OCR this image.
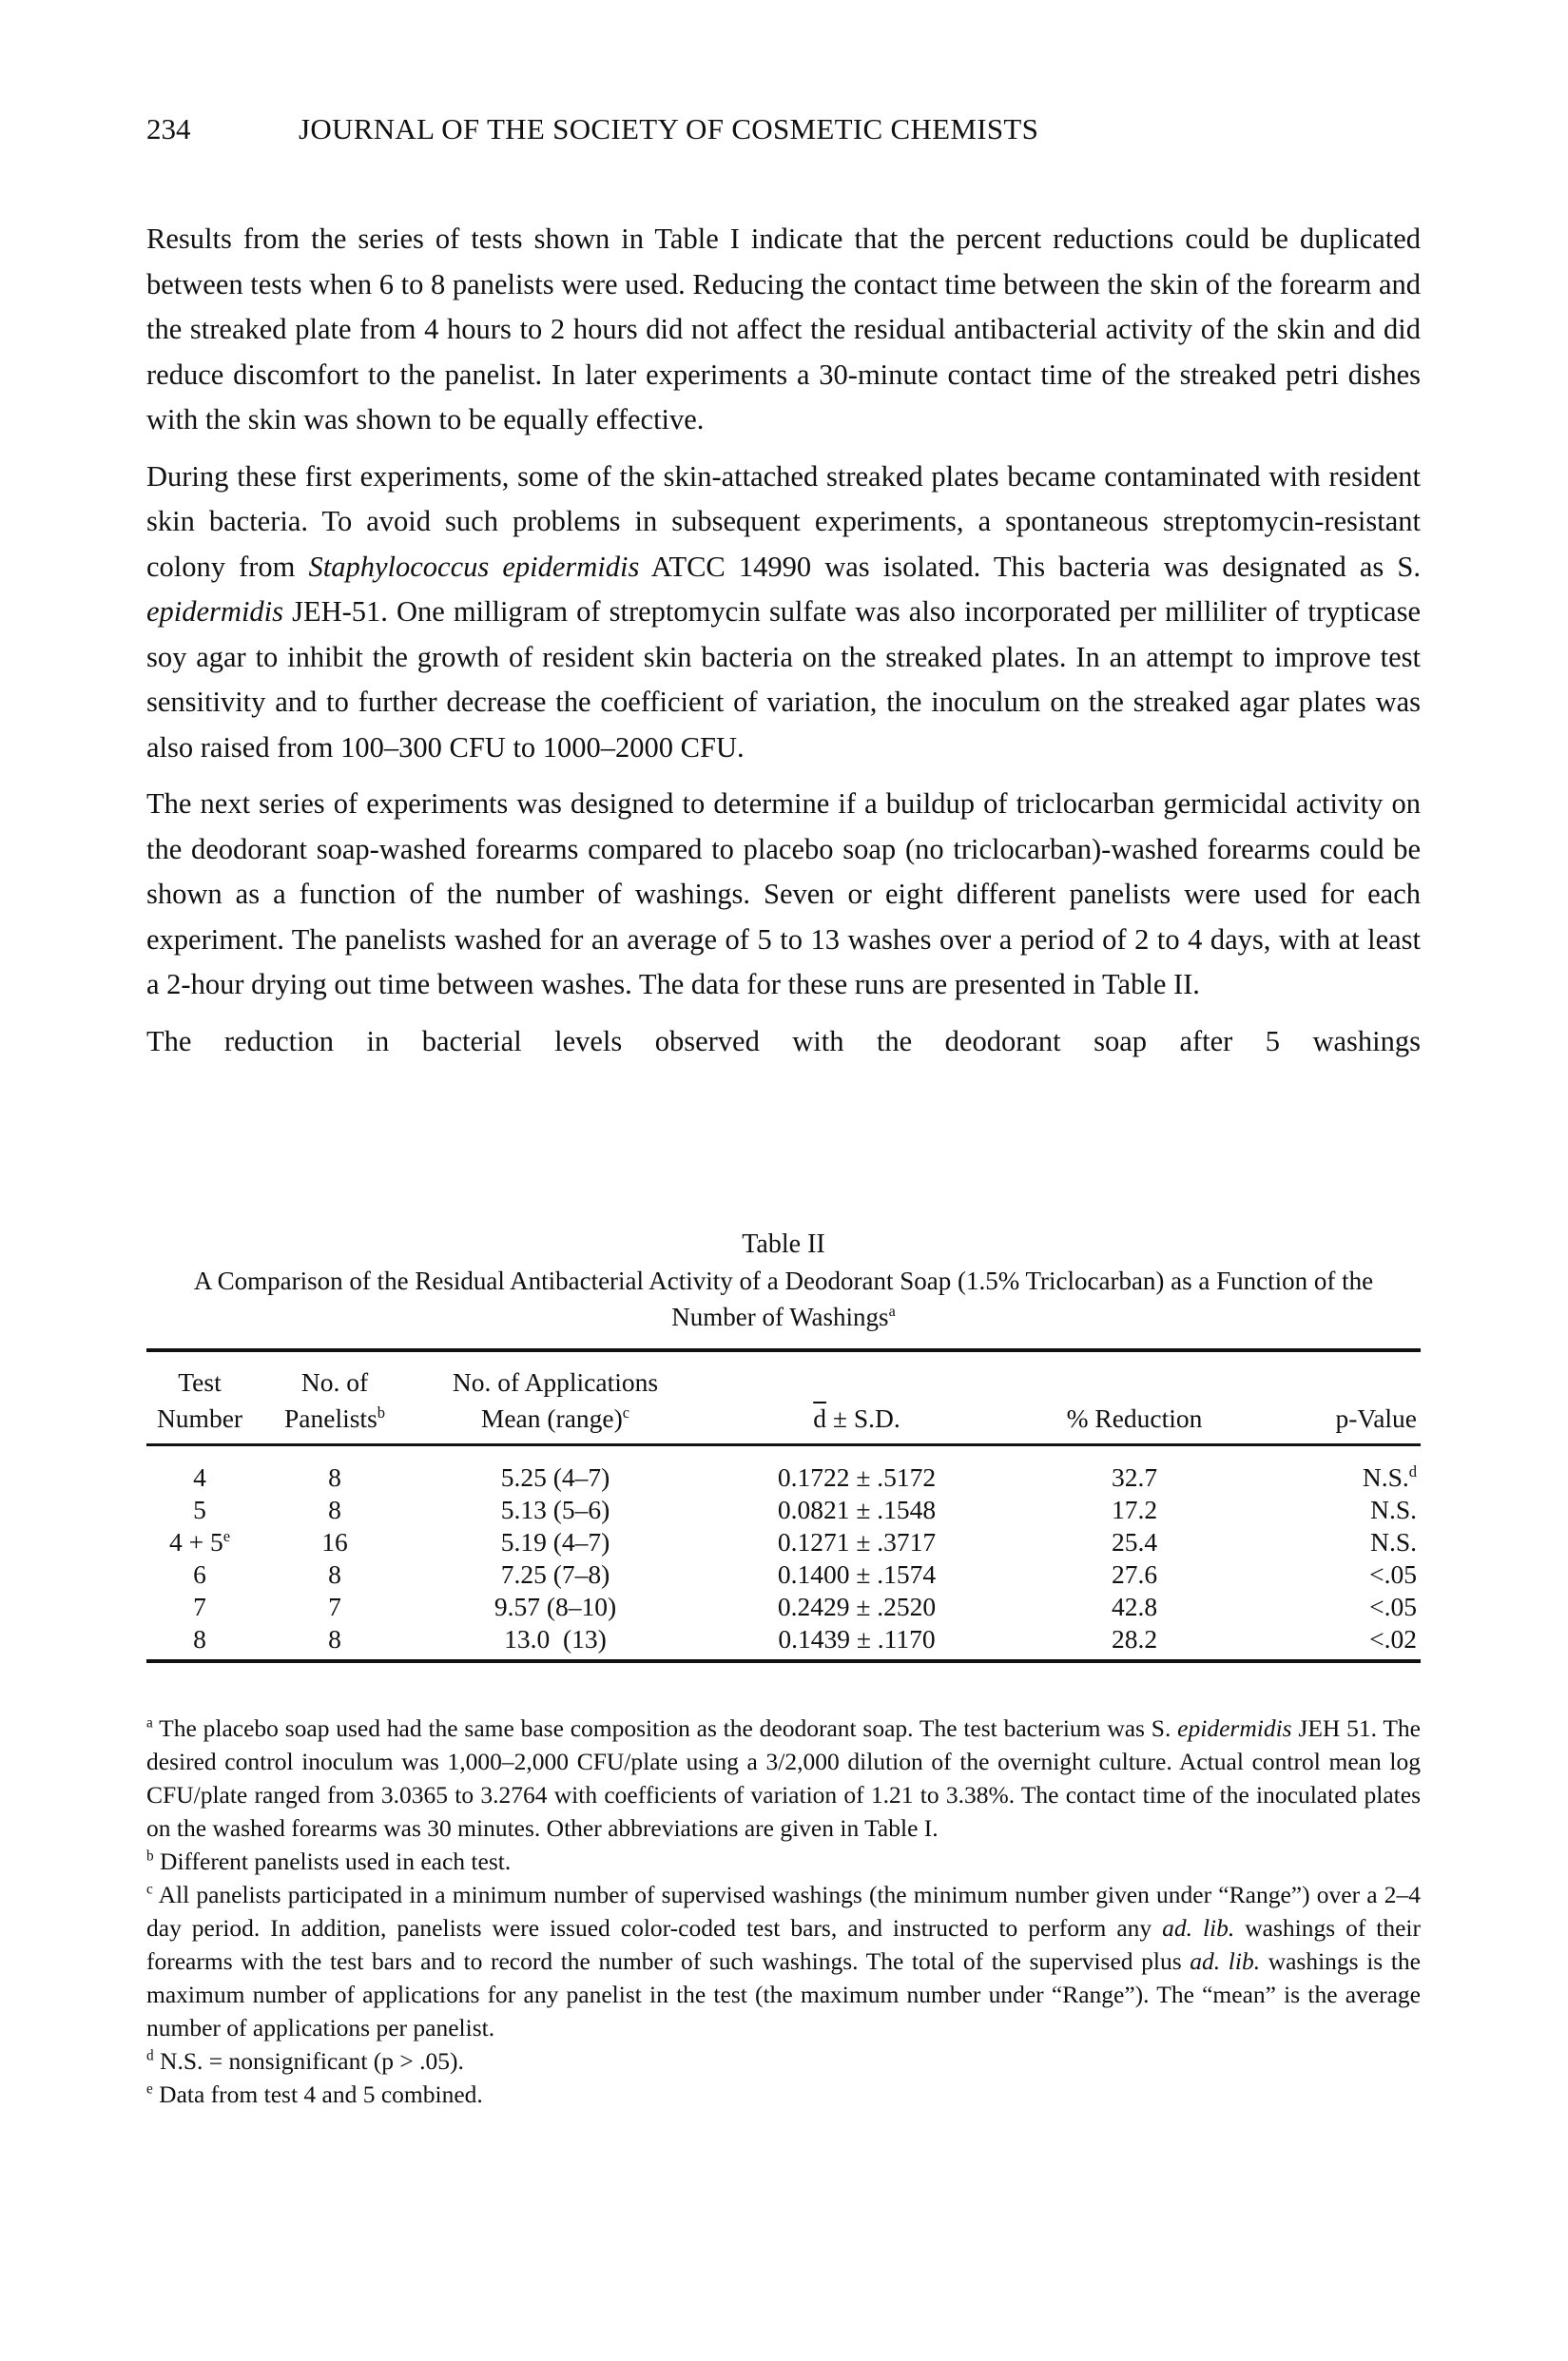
234	JOURNAL OF THE SOCIETY OF COSMETIC CHEMISTS

Results from the series of tests shown in Table I indicate that the percent reductions could be duplicated between tests when 6 to 8 panelists were used. Reducing the contact time between the skin of the forearm and the streaked plate from 4 hours to 2 hours did not affect the residual antibacterial activity of the skin and did reduce discomfort to the panelist. In later experiments a 30-minute contact time of the streaked petri dishes with the skin was shown to be equally effective.

During these first experiments, some of the skin-attached streaked plates became contaminated with resident skin bacteria. To avoid such problems in subsequent experiments, a spontaneous streptomycin-resistant colony from Staphylococcus epidermidis ATCC 14990 was isolated. This bacteria was designated as S. epidermidis JEH-51. One milligram of streptomycin sulfate was also incorporated per milliliter of trypticase soy agar to inhibit the growth of resident skin bacteria on the streaked plates. In an attempt to improve test sensitivity and to further decrease the coefficient of variation, the inoculum on the streaked agar plates was also raised from 100–300 CFU to 1000–2000 CFU.

The next series of experiments was designed to determine if a buildup of triclocarban germicidal activity on the deodorant soap-washed forearms compared to placebo soap (no triclocarban)-washed forearms could be shown as a function of the number of washings. Seven or eight different panelists were used for each experiment. The panelists washed for an average of 5 to 13 washes over a period of 2 to 4 days, with at least a 2-hour drying out time between washes. The data for these runs are presented in Table II.

The reduction in bacterial levels observed with the deodorant soap after 5 washings

Table II
A Comparison of the Residual Antibacterial Activity of a Deodorant Soap (1.5% Triclocarban) as a Function of the Number of Washings$^a$
Test	No. of	No. of Applications			
Number	Panelists$^b$	Mean (range)$^c$	$\overline{d} \pm S.D$.	% Reduction	p-Value
4	8	5.25 (4–7)	0.1722 ± .5172	32.7	N.S.$^d$
5	8	5.13 (5–6)	0.0821 ± .1548	17.2	N.S.
$4 + 5^e$	16	5.19 (4–7)	0.1271 ± .3717	25.4	N.S.
6	8	7.25 (7–8)	0.1400 ± .1574	27.6	<.05
7	7	9.57 (8–10)	0.2429 ± .2520	42.8	<.05
8	8	13.0  (13)	0.1439 ± .1170	28.2	<.02

$^a$ The placebo soap used had the same base composition as the deodorant soap. The test bacterium was S. epidermidis JEH 51. The desired control inoculum was 1,000–2,000 CFU/plate using a 3/2,000 dilution of the overnight culture. Actual control mean log CFU/plate ranged from 3.0365 to 3.2764 with coefficients of variation of 1.21 to 3.38%. The contact time of the inoculated plates on the washed forearms was 30 minutes. Other abbreviations are given in Table I.

$^b$ Different panelists used in each test.

$^c$ All panelists participated in a minimum number of supervised washings (the minimum number given under “Range”) over a 2–4 day period. In addition, panelists were issued color-coded test bars, and instructed to perform any ad. lib. washings of their forearms with the test bars and to record the number of such washings. The total of the supervised plus ad. lib. washings is the maximum number of applications for any panelist in the test (the maximum number under “Range”). The “mean” is the average number of applications per panelist.

$^d$ N.S. = nonsignificant (p > .05).

$^e$ Data from test 4 and 5 combined.
